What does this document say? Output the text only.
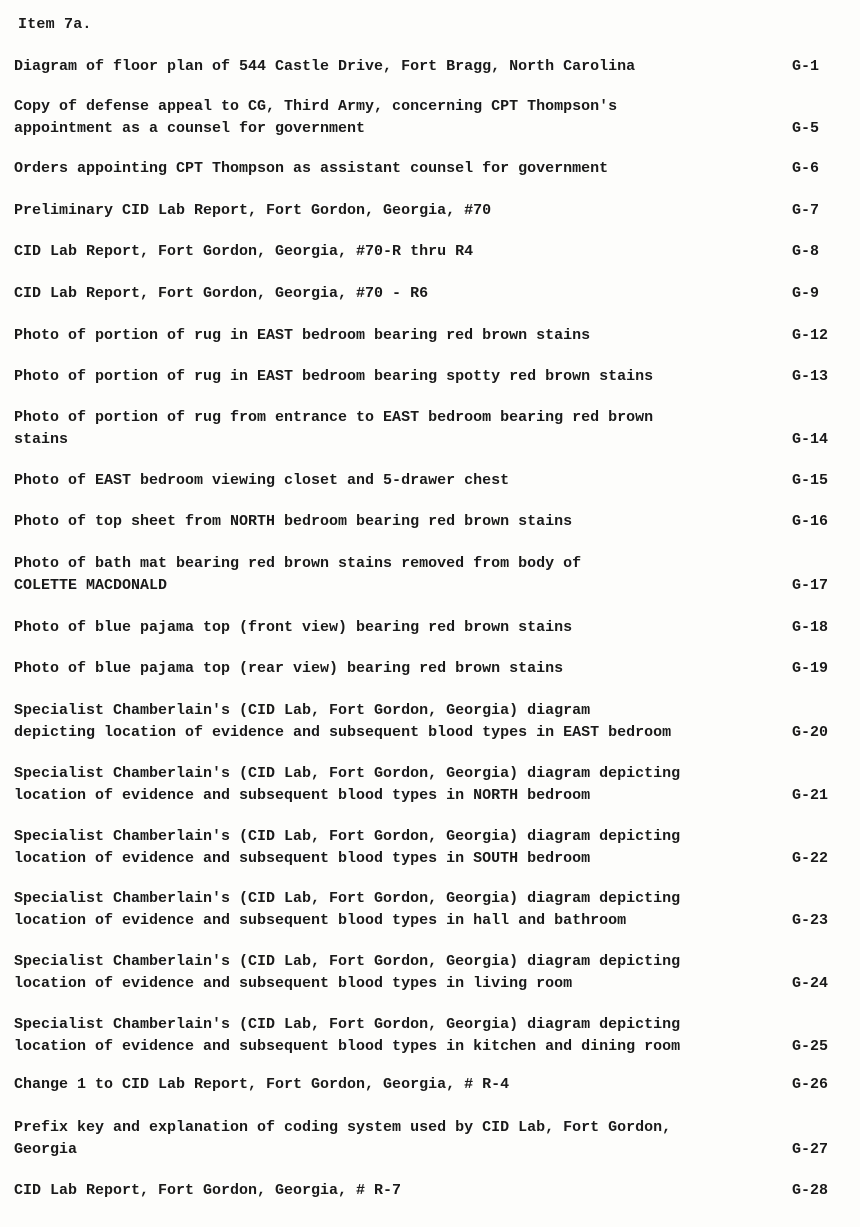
Item 7a.
Diagram of floor plan of 544 Castle Drive, Fort Bragg, North Carolina	G-1
Copy of defense appeal to CG, Third Army, concerning CPT Thompson's
appointment as a counsel for government	G-5
Orders appointing CPT Thompson as assistant counsel for government	G-6
Preliminary CID Lab Report, Fort Gordon, Georgia, #70	G-7
CID Lab Report, Fort Gordon, Georgia, #70-R thru R4	G-8
CID Lab Report, Fort Gordon, Georgia, #70 - R6	G-9
Photo of portion of rug in EAST bedroom bearing red brown stains	G-12
Photo of portion of rug in EAST bedroom bearing spotty red brown stains	G-13
Photo of portion of rug from entrance to EAST bedroom bearing red brown
stains	G-14
Photo of EAST bedroom viewing closet and 5-drawer chest	G-15
Photo of top sheet from NORTH bedroom bearing red brown stains	G-16
Photo of bath mat bearing red brown stains removed from body of
COLETTE MACDONALD	G-17
Photo of blue pajama top (front view) bearing red brown stains	G-18
Photo of blue pajama top (rear view) bearing red brown stains	G-19
Specialist Chamberlain's (CID Lab, Fort Gordon, Georgia) diagram
depicting location of evidence and subsequent blood types in EAST bedroom	G-20
Specialist Chamberlain's (CID Lab, Fort Gordon, Georgia) diagram depicting
location of evidence and subsequent blood types in NORTH bedroom	G-21
Specialist Chamberlain's (CID Lab, Fort Gordon, Georgia) diagram depicting
location of evidence and subsequent blood types in SOUTH bedroom	G-22
Specialist Chamberlain's (CID Lab, Fort Gordon, Georgia) diagram depicting
location of evidence and subsequent blood types in hall and bathroom	G-23
Specialist Chamberlain's (CID Lab, Fort Gordon, Georgia) diagram depicting
location of evidence and subsequent blood types in living room	G-24
Specialist Chamberlain's (CID Lab, Fort Gordon, Georgia) diagram depicting
location of evidence and subsequent blood types in kitchen and dining room	G-25
Change 1 to CID Lab Report, Fort Gordon, Georgia, # R-4	G-26
Prefix key and explanation of coding system used by CID Lab, Fort Gordon,
Georgia	G-27
CID Lab Report, Fort Gordon, Georgia, # R-7	G-28
